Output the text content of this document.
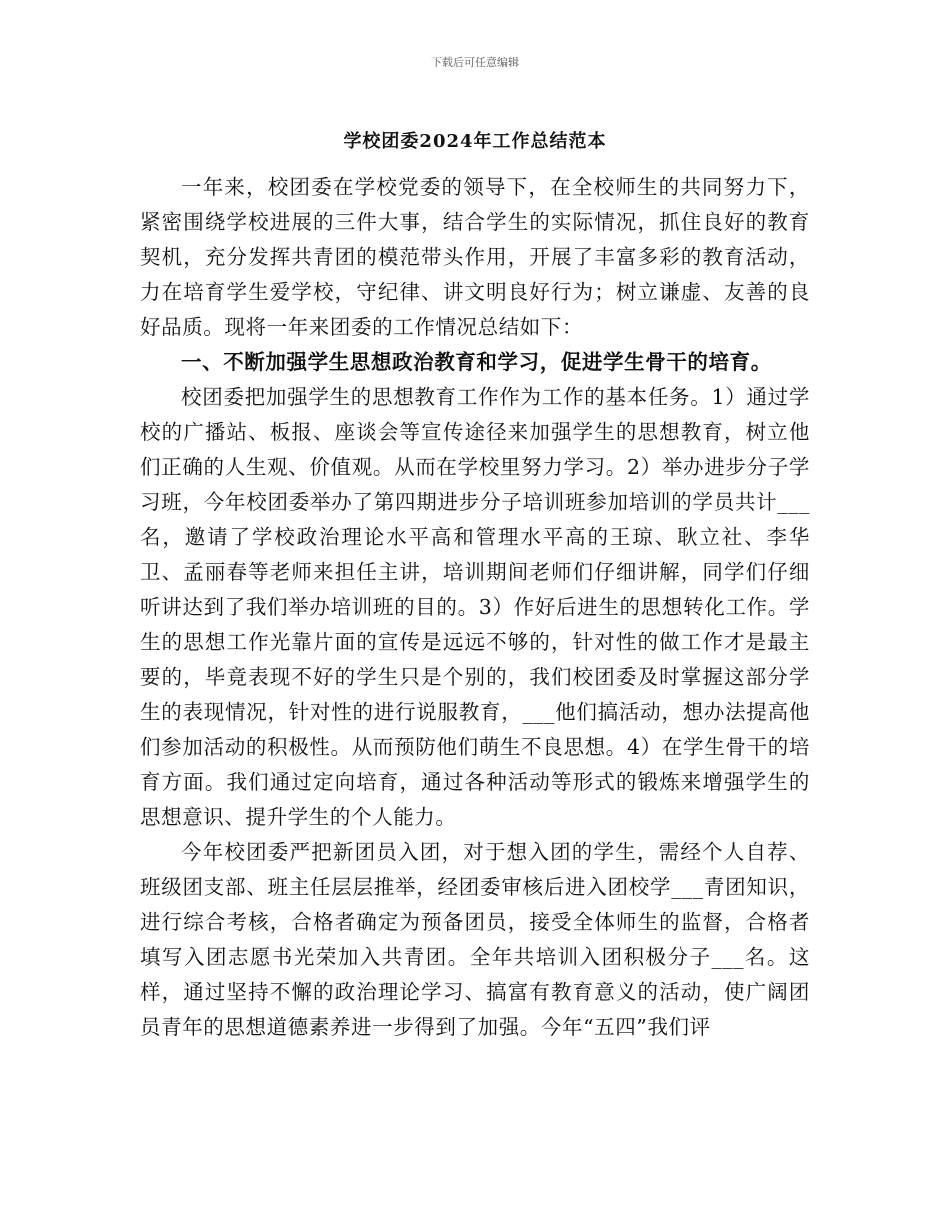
下载后可任意编辑
学校团委2024年工作总结范本

一年来，校团委在学校党委的领导下，在全校师生的共同努力下，紧密围绕学校进展的三件大事，结合学生的实际情况，抓住良好的教育契机，充分发挥共青团的模范带头作用，开展了丰富多彩的教育活动，力在培育学生爱学校，守纪律、讲文明良好行为；树立谦虚、友善的良好品质。现将一年来团委的工作情况总结如下：

一、不断加强学生思想政治教育和学习，促进学生骨干的培育。

校团委把加强学生的思想教育工作作为工作的基本任务。1）通过学校的广播站、板报、座谈会等宣传途径来加强学生的思想教育，树立他们正确的人生观、价值观。从而在学校里努力学习。2）举办进步分子学习班，今年校团委举办了第四期进步分子培训班参加培训的学员共计___名，邀请了学校政治理论水平高和管理水平高的王琼、耿立社、李华卫、孟丽春等老师来担任主讲，培训期间老师们仔细讲解，同学们仔细听讲达到了我们举办培训班的目的。3）作好后进生的思想转化工作。学生的思想工作光靠片面的宣传是远远不够的，针对性的做工作才是最主要的，毕竟表现不好的学生只是个别的，我们校团委及时掌握这部分学生的表现情况，针对性的进行说服教育，___他们搞活动，想办法提高他们参加活动的积极性。从而预防他们萌生不良思想。4）在学生骨干的培育方面。我们通过定向培育，通过各种活动等形式的锻炼来增强学生的思想意识、提升学生的个人能力。

今年校团委严把新团员入团，对于想入团的学生，需经个人自荐、班级团支部、班主任层层推举，经团委审核后进入团校学___青团知识，进行综合考核，合格者确定为预备团员，接受全体师生的监督，合格者填写入团志愿书光荣加入共青团。全年共培训入团积极分子___名。这样，通过坚持不懈的政治理论学习、搞富有教育意义的活动，使广阔团员青年的思想道德素养进一步得到了加强。今年“五四”我们评
